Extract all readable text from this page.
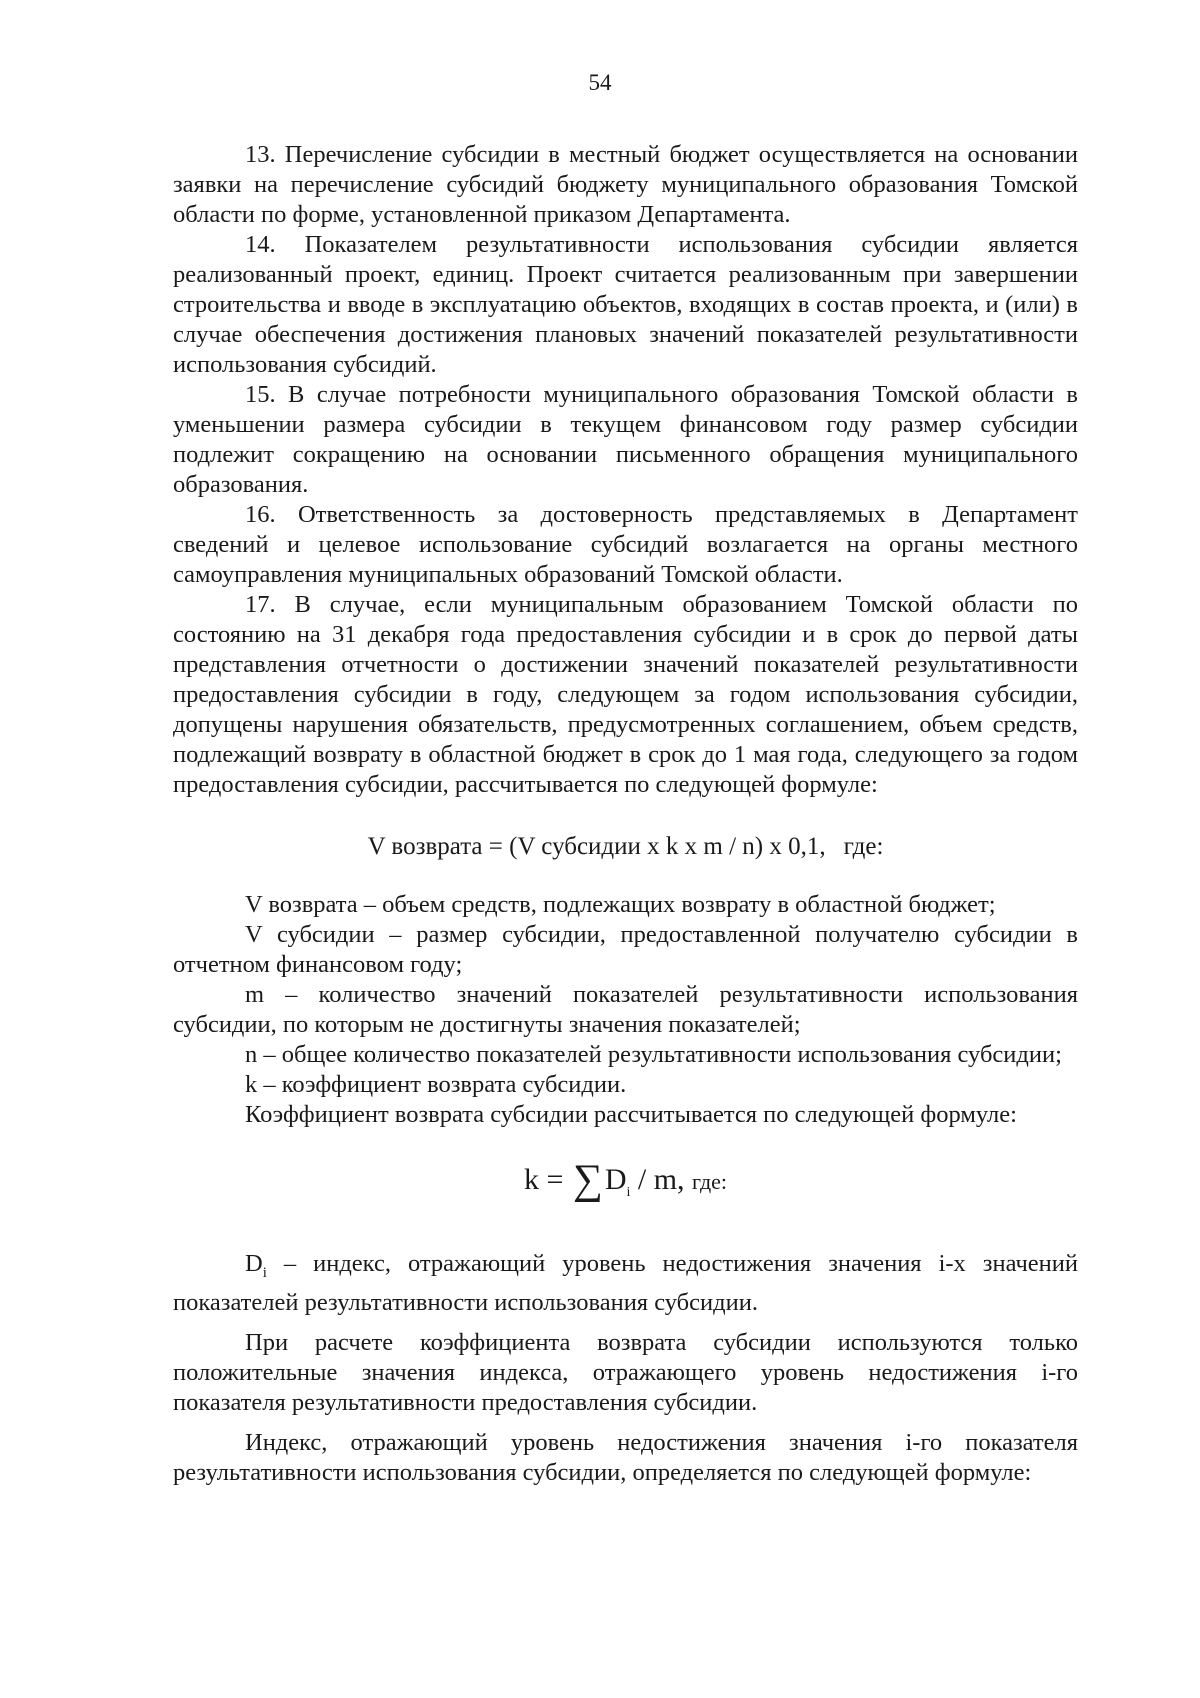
54

13. Перечисление субсидии в местный бюджет осуществляется на основании заявки на перечисление субсидий бюджету муниципального образования Томской области по форме, установленной приказом Департамента.

14. Показателем результативности использования субсидии является реализованный проект, единиц. Проект считается реализованным при завершении строительства и вводе в эксплуатацию объектов, входящих в состав проекта, и (или) в случае обеспечения достижения плановых значений показателей результативности использования субсидий.

15. В случае потребности муниципального образования Томской области в уменьшении размера субсидии в текущем финансовом году размер субсидии подлежит сокращению на основании письменного обращения муниципального образования.

16. Ответственность за достоверность представляемых в Департамент сведений и целевое использование субсидий возлагается на органы местного самоуправления муниципальных образований Томской области.

17. В случае, если муниципальным образованием Томской области по состоянию на 31 декабря года предоставления субсидии и в срок до первой даты представления отчетности о достижении значений показателей результативности предоставления субсидии в году, следующем за годом использования субсидии, допущены нарушения обязательств, предусмотренных соглашением, объем средств, подлежащий возврату в областной бюджет в срок до 1 мая года, следующего за годом предоставления субсидии, рассчитывается по следующей формуле:

V возврата = (V субсидии x k x m / n) x 0,1, где:

V возврата – объем средств, подлежащих возврату в областной бюджет;

V субсидии – размер субсидии, предоставленной получателю субсидии в отчетном финансовом году;

m – количество значений показателей результативности использования субсидии, по которым не достигнуты значения показателей;

n – общее количество показателей результативности использования субсидии;

k – коэффициент возврата субсидии.

Коэффициент возврата субсидии рассчитывается по следующей формуле:

$k = \sum D_i / m$, где:

$D_i$ – индекс, отражающий уровень недостижения значения i-х значений показателей результативности использования субсидии.

При расчете коэффициента возврата субсидии используются только положительные значения индекса, отражающего уровень недостижения i-го показателя результативности предоставления субсидии.

Индекс, отражающий уровень недостижения значения i-го показателя результативности использования субсидии, определяется по следующей формуле:
